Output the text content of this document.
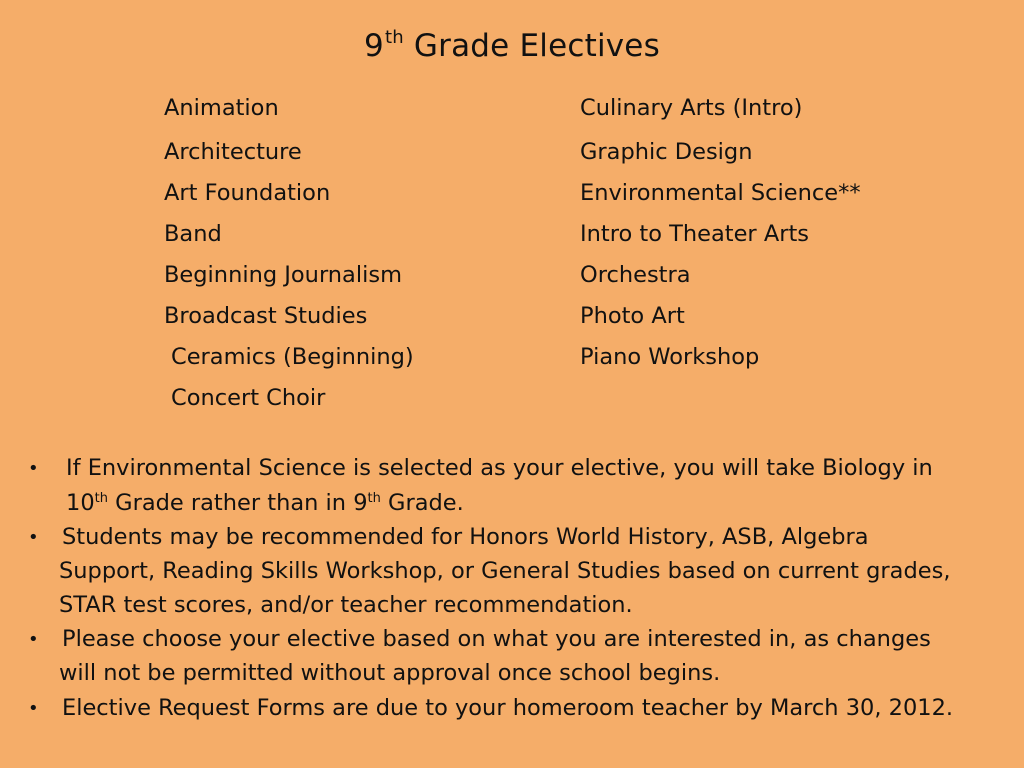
9th Grade Electives
Animation
Architecture
Art Foundation
Band
Beginning Journalism
Broadcast Studies
Ceramics (Beginning)
Concert Choir
Culinary Arts (Intro)
Graphic Design
Environmental Science**
Intro to Theater Arts
Orchestra
Photo Art
Piano Workshop
• If Environmental Science is selected as your elective, you will take Biology in
10th Grade rather than in 9th Grade.
• Students may be recommended for Honors World History, ASB, Algebra
Support, Reading Skills Workshop, or General Studies based on current grades,
STAR test scores, and/or teacher recommendation.
• Please choose your elective based on what you are interested in, as changes
will not be permitted without approval once school begins.
• Elective Request Forms are due to your homeroom teacher by March 30, 2012.
